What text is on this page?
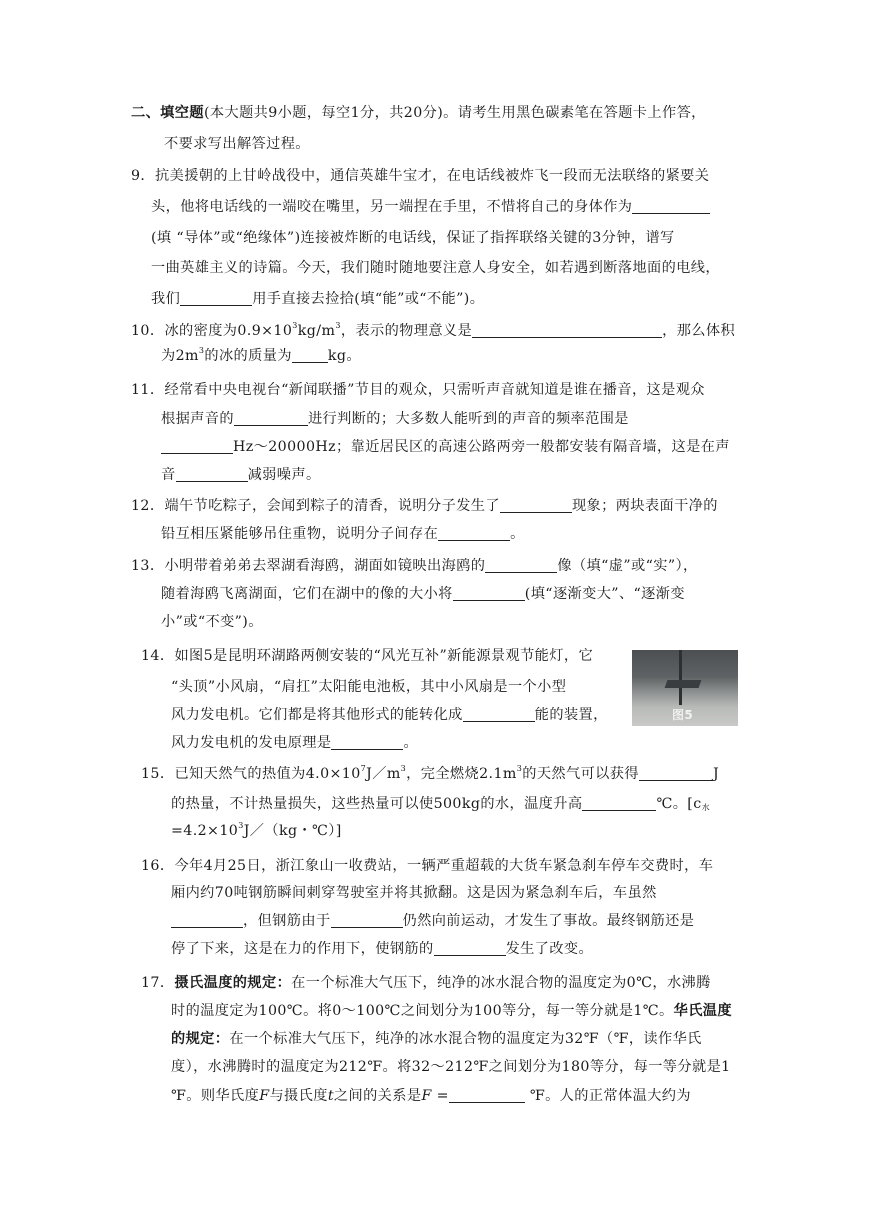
二、填空题(本大题共9小题，每空1分，共20分)。请考生用黑色碳素笔在答题卡上作答，
不要求写出解答过程。
9．抗美援朝的上甘岭战役中，通信英雄牛宝才，在电话线被炸飞一段而无法联络的紧要关
头，他将电话线的一端咬在嘴里，另一端捏在手里，不惜将自己的身体作为
(填 “导体”或“绝缘体”)连接被炸断的电话线，保证了指挥联络关键的3分钟，谱写
一曲英雄主义的诗篇。今天，我们随时随地要注意人身安全，如若遇到断落地面的电线，
我们	用手直接去捡拾(填“能”或“不能”)。
10．冰的密度为$0.9\times 10^3kg/m^3$，表示的物理意义是	，那么体积
为$2m^3$的冰的质量为	kg。
11．经常看中央电视台“新闻联播”节目的观众，只需听声音就知道是谁在播音，这是观众
根据声音的	进行判断的；大多数人能听到的声音的频率范围是
Hz～20000Hz；靠近居民区的高速公路两旁一般都安装有隔音墙，这是在声
音	减弱噪声。
12．端午节吃粽子，会闻到粽子的清香，说明分子发生了	现象；两块表面干净的
铅互相压紧能够吊住重物，说明分子间存在	。
13．小明带着弟弟去翠湖看海鸥，湖面如镜映出海鸥的	像（填“虚”或“实”），
随着海鸥飞离湖面，它们在湖中的像的大小将	(填“逐渐变大”、“逐渐变
小”或“不变”)。
14．如图5是昆明环湖路两侧安装的“风光互补”新能源景观节能灯，它
“头顶”小风扇，“肩扛”太阳能电池板，其中小风扇是一个小型
风力发电机。它们都是将其他形式的能转化成	能的装置，
风力发电机的发电原理是	。
图5
15．已知天然气的热值为$4.0\times 10^7J/m^3$，完全燃烧$2.1m^3$的天然气可以获得	J
的热量，不计热量损失，这些热量可以使500kg的水，温度升高	℃。[$c_水$
$=4.2\times 10^3J/(kg$・℃）]
16．今年4月25日，浙江象山一收费站，一辆严重超载的大货车紧急刹车停车交费时，车
厢内约70吨钢筋瞬间刺穿驾驶室并将其掀翻。这是因为紧急刹车后，车虽然
，但钢筋由于	仍然向前运动，才发生了事故。最终钢筋还是
停了下来，这是在力的作用下，使钢筋的	发生了改变。
17．摄氏温度的规定：在一个标准大气压下，纯净的冰水混合物的温度定为0℃，水沸腾
时的温度定为100℃。将0～100℃之间划分为100等分，每一等分就是1℃。华氏温度
的规定：在一个标准大气压下，纯净的冰水混合物的温度定为32℉（℉，读作华氏
度），水沸腾时的温度定为212℉。将32～212℉之间划分为180等分，每一等分就是1
℉。则华氏度F与摄氏度t之间的关系是F =	℉。人的正常体温大约为
